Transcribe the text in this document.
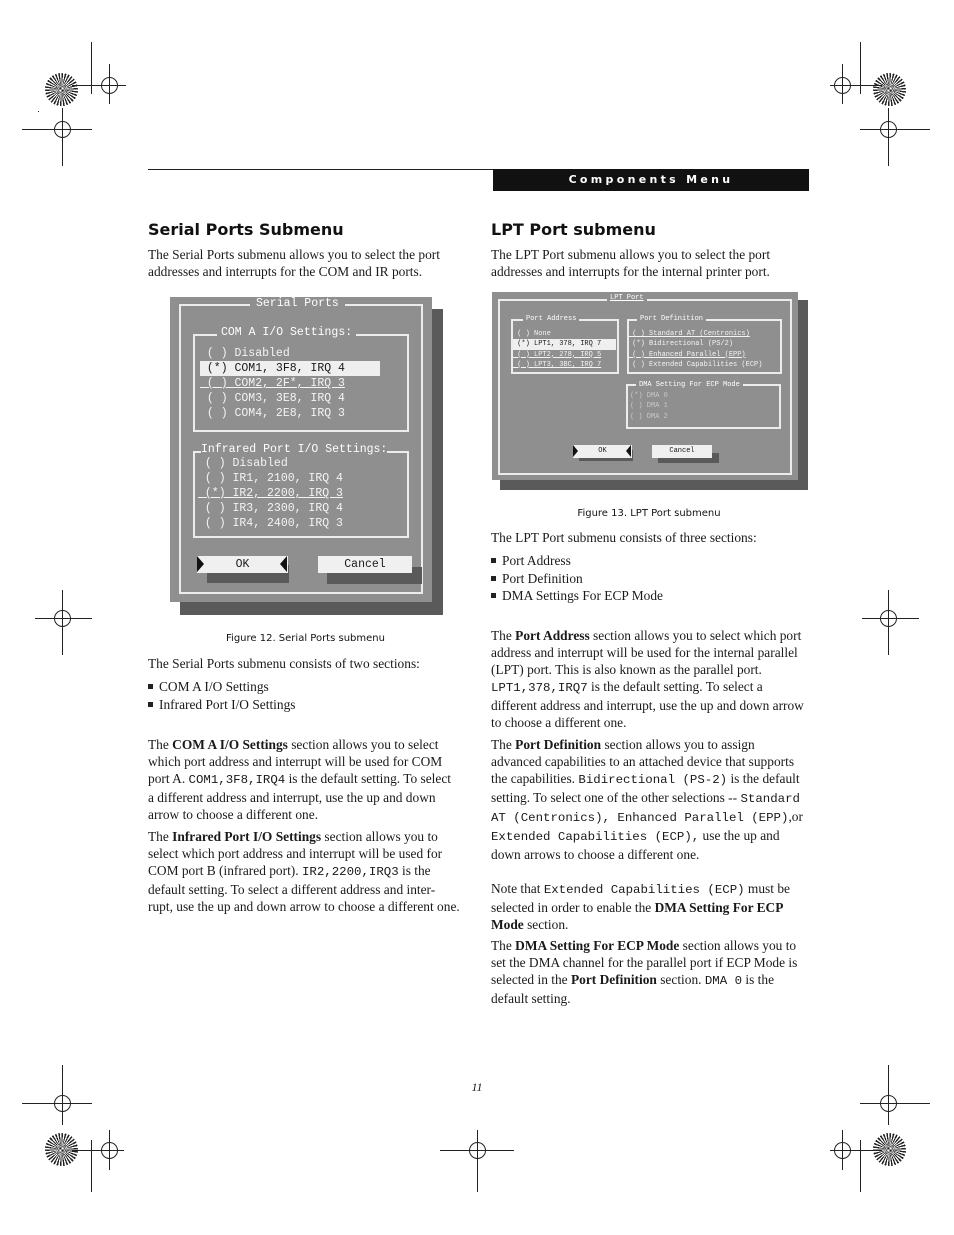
Components Menu
Serial Ports Submenu

The Serial Ports submenu allows you to select the port addresses and interrupts for the COM and IR ports.

Serial Ports
COM A I/O Settings:
( ) Disabled
(*) COM1, 3F8, IRQ 4
( ) COM2, 2F*, IRQ 3
( ) COM3, 3E8, IRQ 4
( ) COM4, 2E8, IRQ 3
Infrared Port I/O Settings:
( ) Disabled
( ) IR1, 2100, IRQ 4
(*) IR2, 2200, IRQ 3
( ) IR3, 2300, IRQ 4
( ) IR4, 2400, IRQ 3
OK	Cancel
Figure 12. Serial Ports submenu

The Serial Ports submenu consists of two sections:

COM A I/O Settings
Infrared Port I/O Settings

The COM A I/O Settings section allows you to select which port address and interrupt will be used for COM port A. COM1,3F8,IRQ4 is the default setting. To select a different address and interrupt, use the up and down arrow to choose a different one.

The Infrared Port I/O Settings section allows you to select which port address and interrupt will be used for COM port B (infrared port). IR2,2200,IRQ3 is the default setting. To select a different address and inter-rupt, use the up and down arrow to choose a different one.

LPT Port submenu

The LPT Port submenu allows you to select the port addresses and interrupts for the internal printer port.

LPT Port
Port Address
( ) None
(*) LPT1, 378, IRQ 7
( ) LPT2, 278, IRQ 5
( ) LPT3, 3BC, IRQ 7
Port Definition
( ) Standard AT (Centronics)
(*) Bidirectional (PS/2)
( ) Enhanced Parallel (EPP)
( ) Extended Capabilities (ECP)
DMA Setting For ECP Mode
(*) DMA 0
( ) DMA 1
( ) DMA 2
OK	Cancel
Figure 13. LPT Port submenu

The LPT Port submenu consists of three sections:

Port Address
Port Definition
DMA Settings For ECP Mode

The Port Address section allows you to select which port address and interrupt will be used for the internal parallel (LPT) port. This is also known as the parallel port. LPT1,378,IRQ7 is the default setting. To select a different address and interrupt, use the up and down arrow to choose a different one.

The Port Definition section allows you to assign advanced capabilities to an attached device that supports the capabilities. Bidirectional (PS-2) is the default setting. To select one of the other selections -- Standard AT (Centronics), Enhanced Parallel (EPP),or Extended Capabilities (ECP), use the up and down arrows to choose a different one.

Note that Extended Capabilities (ECP) must be selected in order to enable the DMA Setting For ECP Mode section.

The DMA Setting For ECP Mode section allows you to set the DMA channel for the parallel port if ECP Mode is selected in the Port Definition section. DMA 0 is the default setting.

11
